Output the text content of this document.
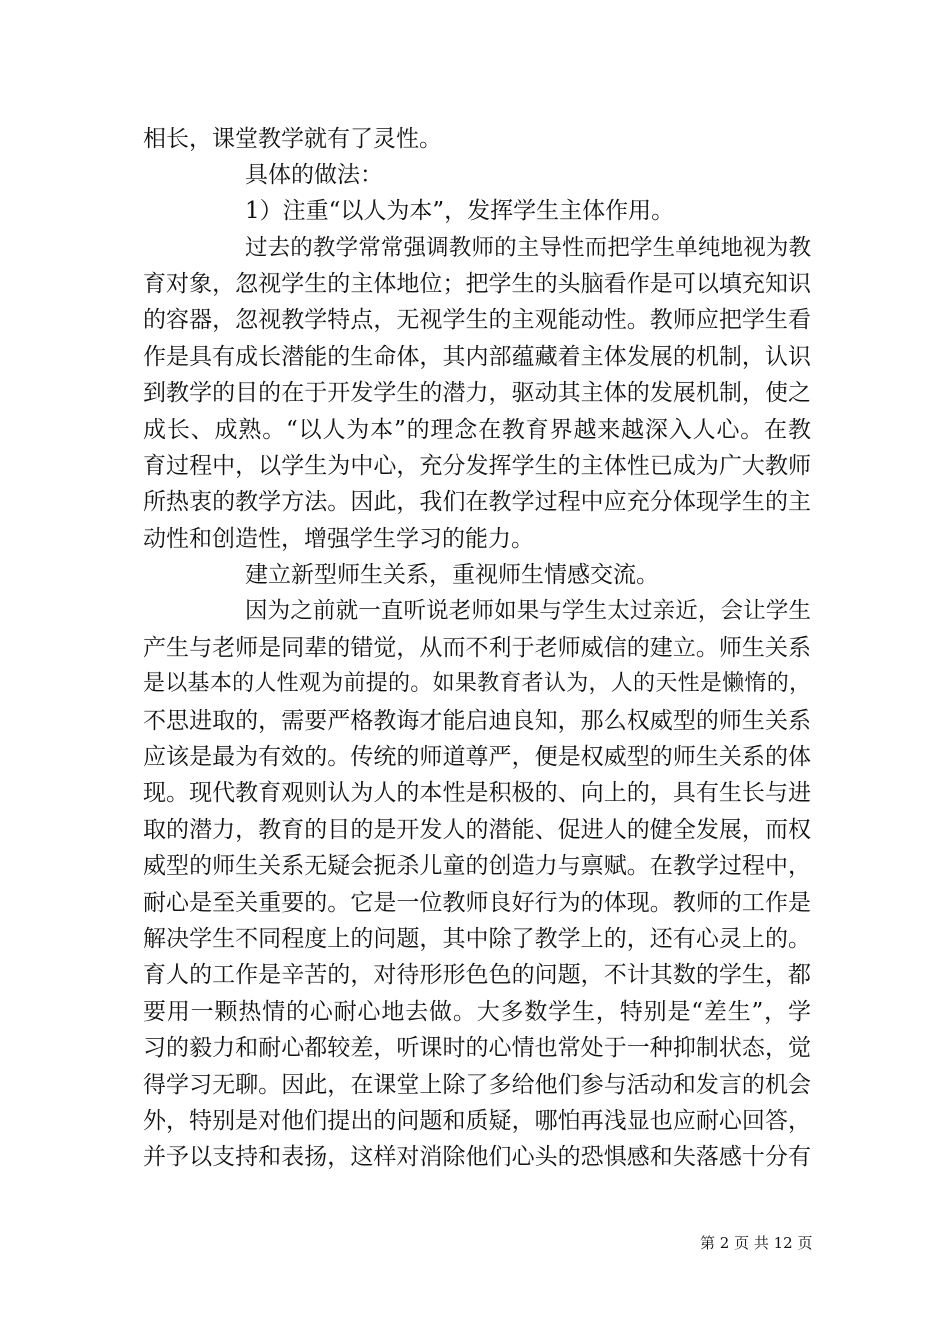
相长，课堂教学就有了灵性。
具体的做法：
1）注重“以人为本”，发挥学生主体作用。
过去的教学常常强调教师的主导性而把学生单纯地视为教
育对象，忽视学生的主体地位；把学生的头脑看作是可以填充知识
的容器，忽视教学特点，无视学生的主观能动性。教师应把学生看
作是具有成长潜能的生命体，其内部蕴藏着主体发展的机制，认识
到教学的目的在于开发学生的潜力，驱动其主体的发展机制，使之
成长、成熟。“以人为本”的理念在教育界越来越深入人心。在教
育过程中，以学生为中心，充分发挥学生的主体性已成为广大教师
所热衷的教学方法。因此，我们在教学过程中应充分体现学生的主
动性和创造性，增强学生学习的能力。
建立新型师生关系，重视师生情感交流。
因为之前就一直听说老师如果与学生太过亲近，会让学生
产生与老师是同辈的错觉，从而不利于老师威信的建立。师生关系
是以基本的人性观为前提的。如果教育者认为，人的天性是懒惰的，
不思进取的，需要严格教诲才能启迪良知，那么权威型的师生关系
应该是最为有效的。传统的师道尊严，便是权威型的师生关系的体
现。现代教育观则认为人的本性是积极的、向上的，具有生长与进
取的潜力，教育的目的是开发人的潜能、促进人的健全发展，而权
威型的师生关系无疑会扼杀儿童的创造力与禀赋。在教学过程中，
耐心是至关重要的。它是一位教师良好行为的体现。教师的工作是
解决学生不同程度上的问题，其中除了教学上的，还有心灵上的。
育人的工作是辛苦的，对待形形色色的问题，不计其数的学生，都
要用一颗热情的心耐心地去做。大多数学生，特别是“差生”，学
习的毅力和耐心都较差，听课时的心情也常处于一种抑制状态，觉
得学习无聊。因此，在课堂上除了多给他们参与活动和发言的机会
外，特别是对他们提出的问题和质疑，哪怕再浅显也应耐心回答，
并予以支持和表扬，这样对消除他们心头的恐惧感和失落感十分有
第 2 页 共 12 页
